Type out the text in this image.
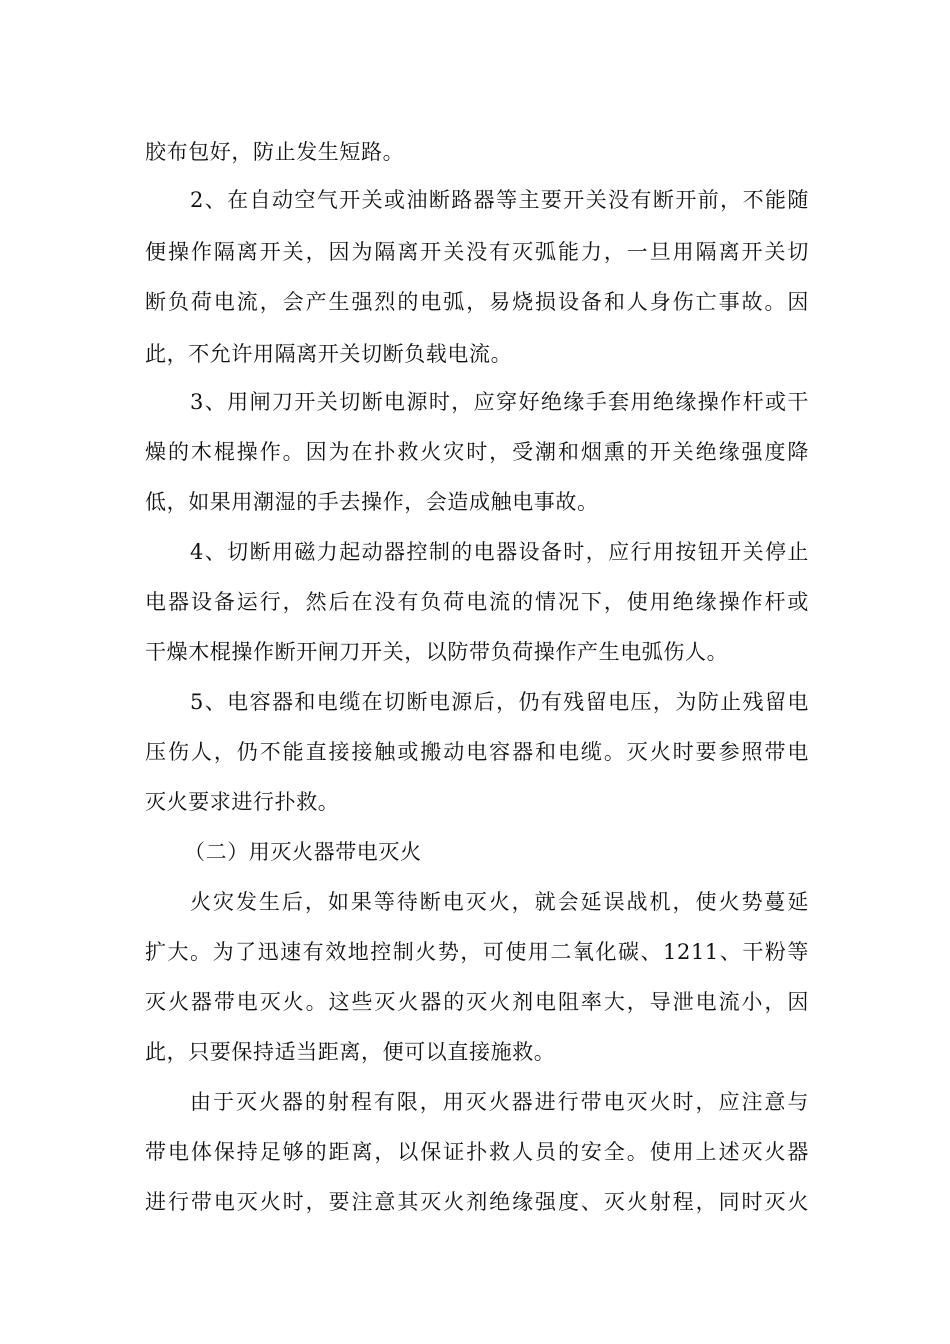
胶布包好，防止发生短路。
2、在自动空气开关或油断路器等主要开关没有断开前，不能随
便操作隔离开关，因为隔离开关没有灭弧能力，一旦用隔离开关切
断负荷电流，会产生强烈的电弧，易烧损设备和人身伤亡事故。因
此，不允许用隔离开关切断负载电流。
3、用闸刀开关切断电源时，应穿好绝缘手套用绝缘操作杆或干
燥的木棍操作。因为在扑救火灾时，受潮和烟熏的开关绝缘强度降
低，如果用潮湿的手去操作，会造成触电事故。
4、切断用磁力起动器控制的电器设备时，应行用按钮开关停止
电器设备运行，然后在没有负荷电流的情况下，使用绝缘操作杆或
干燥木棍操作断开闸刀开关，以防带负荷操作产生电弧伤人。
5、电容器和电缆在切断电源后，仍有残留电压，为防止残留电
压伤人，仍不能直接接触或搬动电容器和电缆。灭火时要参照带电
灭火要求进行扑救。
（二）用灭火器带电灭火
火灾发生后，如果等待断电灭火，就会延误战机，使火势蔓延
扩大。为了迅速有效地控制火势，可使用二氧化碳、1211、干粉等
灭火器带电灭火。这些灭火器的灭火剂电阻率大，导泄电流小，因
此，只要保持适当距离，便可以直接施救。
由于灭火器的射程有限，用灭火器进行带电灭火时，应注意与
带电体保持足够的距离，以保证扑救人员的安全。使用上述灭火器
进行带电灭火时，要注意其灭火剂绝缘强度、灭火射程，同时灭火
